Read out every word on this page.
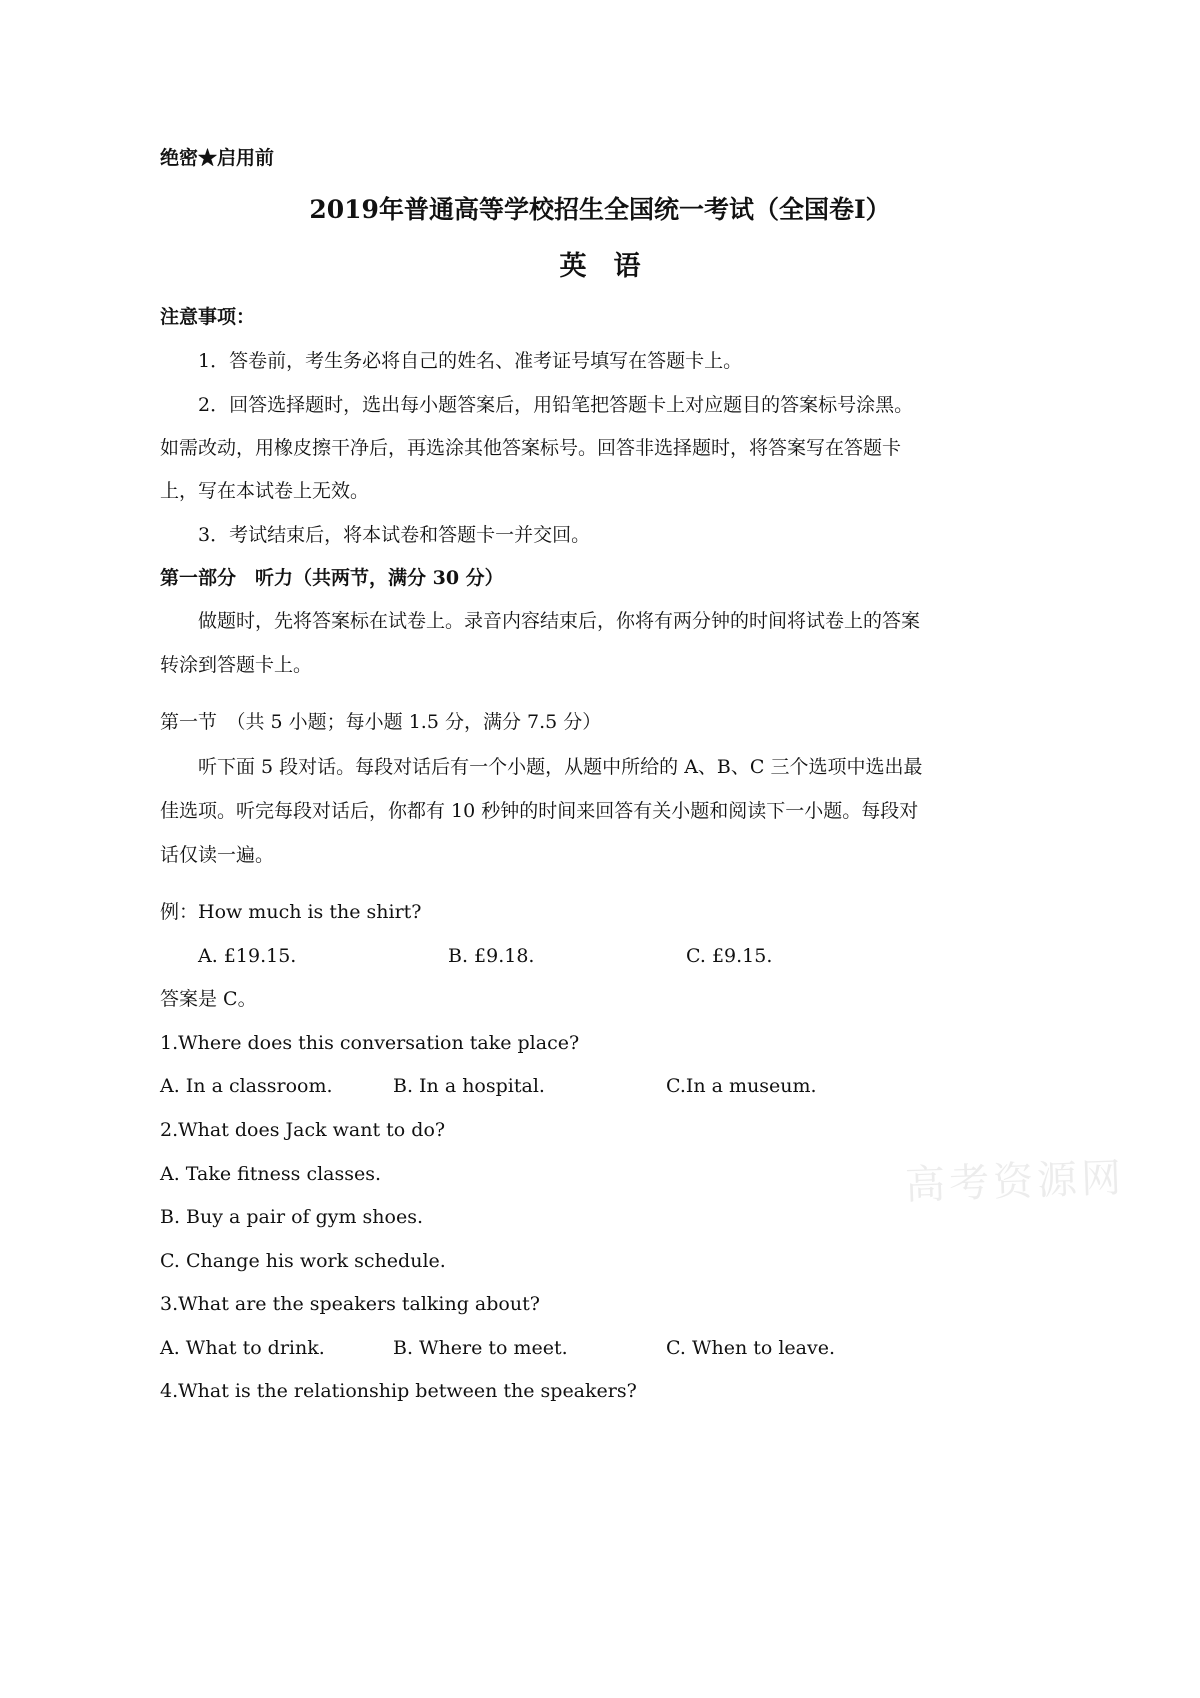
绝密★启用前
2019年普通高等学校招生全国统一考试（全国卷I）
英　语
注意事项：
1．答卷前，考生务必将自己的姓名、准考证号填写在答题卡上。
2．回答选择题时，选出每小题答案后，用铅笔把答题卡上对应题目的答案标号涂黑。
如需改动，用橡皮擦干净后，再选涂其他答案标号。回答非选择题时，将答案写在答题卡
上，写在本试卷上无效。
3．考试结束后，将本试卷和答题卡一并交回。
第一部分　听力（共两节，满分 30 分）
做题时，先将答案标在试卷上。录音内容结束后，你将有两分钟的时间将试卷上的答案
转涂到答题卡上。
第一节　（共 5 小题；每小题 1.5 分，满分 7.5 分）
听下面 5 段对话。每段对话后有一个小题，从题中所给的 A、B、C 三个选项中选出最
佳选项。听完每段对话后，你都有 10 秒钟的时间来回答有关小题和阅读下一小题。每段对
话仅读一遍。
例：How much is the shirt?
A. £19.15.	B. £9.18.	C. £9.15.
答案是 C。
1.Where does this conversation take place?
A. In a classroom.	B. In a hospital.	C.In a museum.
2.What does Jack want to do?
A. Take fitness classes.
B. Buy a pair of gym shoes.
C. Change his work schedule.
3.What are the speakers talking about?
A. What to drink.	B. Where to meet.	C. When to leave.
4.What is the relationship between the speakers?
高考资源网
